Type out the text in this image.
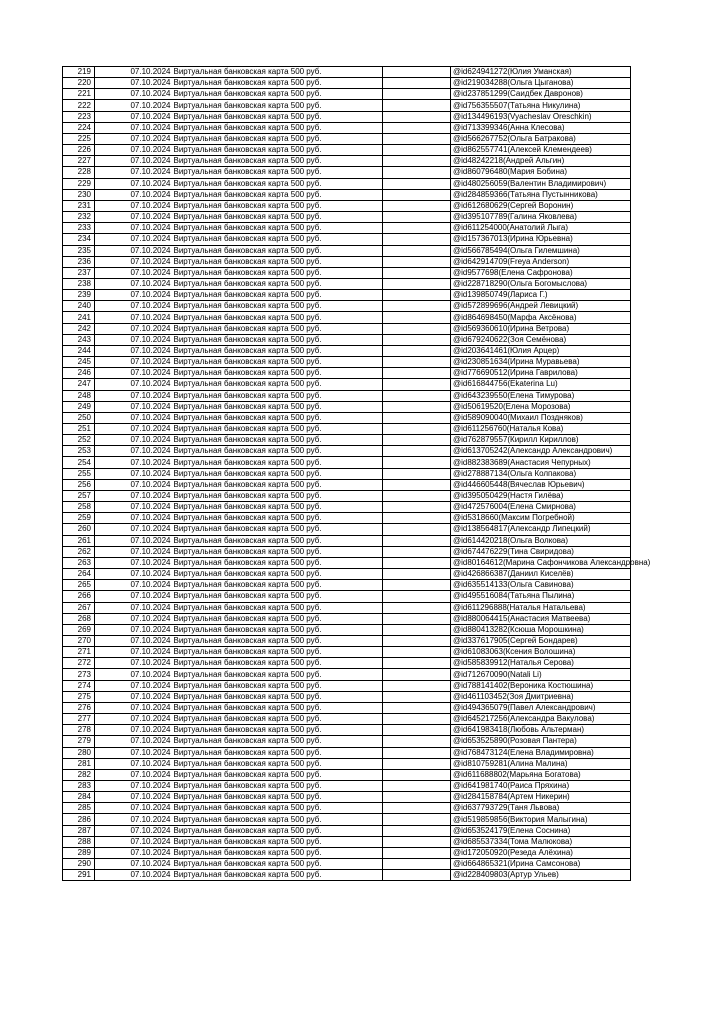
219	07.10.2024	Виртуальная банковская карта 500 руб.		@id624941272(Юлия Уманская)
220	07.10.2024	Виртуальная банковская карта 500 руб.		@id219034288(Ольга Цыганова)
221	07.10.2024	Виртуальная банковская карта 500 руб.		@id237851299(Саидбек Давронов)
222	07.10.2024	Виртуальная банковская карта 500 руб.		@id756355507(Татьяна Никулина)
223	07.10.2024	Виртуальная банковская карта 500 руб.		@id134496193(Vyacheslav Oreschkin)
224	07.10.2024	Виртуальная банковская карта 500 руб.		@id713399346(Анна Клесова)
225	07.10.2024	Виртуальная банковская карта 500 руб.		@id566267752(Ольга Батракова)
226	07.10.2024	Виртуальная банковская карта 500 руб.		@id862557741(Алексей Клемендеев)
227	07.10.2024	Виртуальная банковская карта 500 руб.		@id48242218(Андрей Альгин)
228	07.10.2024	Виртуальная банковская карта 500 руб.		@id860796480(Мария Бобина)
229	07.10.2024	Виртуальная банковская карта 500 руб.		@id480256059(Валентин Владимирович)
230	07.10.2024	Виртуальная банковская карта 500 руб.		@id284859366(Татьяна Пустынникова)
231	07.10.2024	Виртуальная банковская карта 500 руб.		@id612680629(Сергей Воронин)
232	07.10.2024	Виртуальная банковская карта 500 руб.		@id395107789(Галина Яковлева)
233	07.10.2024	Виртуальная банковская карта 500 руб.		@id611254000(Анатолий Лыга)
234	07.10.2024	Виртуальная банковская карта 500 руб.		@id157367013(Ирина Юрьевна)
235	07.10.2024	Виртуальная банковская карта 500 руб.		@id566785494(Ольга Гилемшина)
236	07.10.2024	Виртуальная банковская карта 500 руб.		@id642914709(Freya Anderson)
237	07.10.2024	Виртуальная банковская карта 500 руб.		@id9577698(Елена Сафронова)
238	07.10.2024	Виртуальная банковская карта 500 руб.		@id228718290(Ольга Богомыслова)
239	07.10.2024	Виртуальная банковская карта 500 руб.		@id139850749(Лариса Г.)
240	07.10.2024	Виртуальная банковская карта 500 руб.		@id572899696(Андрей Левицкий)
241	07.10.2024	Виртуальная банковская карта 500 руб.		@id864698450(Марфа Аксёнова)
242	07.10.2024	Виртуальная банковская карта 500 руб.		@id569360610(Ирина Ветрова)
243	07.10.2024	Виртуальная банковская карта 500 руб.		@id679240622(Зоя Семёнова)
244	07.10.2024	Виртуальная банковская карта 500 руб.		@id203641461(Юлия Арцер)
245	07.10.2024	Виртуальная банковская карта 500 руб.		@id230851634(Ирина Муравьева)
246	07.10.2024	Виртуальная банковская карта 500 руб.		@id776690512(Ирина Гаврилова)
247	07.10.2024	Виртуальная банковская карта 500 руб.		@id616844756(Ekaterina Lu)
248	07.10.2024	Виртуальная банковская карта 500 руб.		@id643239550(Елена Тимурова)
249	07.10.2024	Виртуальная банковская карта 500 руб.		@id50619520(Елена Морозова)
250	07.10.2024	Виртуальная банковская карта 500 руб.		@id589090040(Михаил Поздняков)
251	07.10.2024	Виртуальная банковская карта 500 руб.		@id611256760(Наталья Кова)
252	07.10.2024	Виртуальная банковская карта 500 руб.		@id762879557(Кирилл Кириллов)
253	07.10.2024	Виртуальная банковская карта 500 руб.		@id613705242(Александр Александрович)
254	07.10.2024	Виртуальная банковская карта 500 руб.		@id882383689(Анастасия Чепурных)
255	07.10.2024	Виртуальная банковская карта 500 руб.		@id278887134(Ольга Колпакова)
256	07.10.2024	Виртуальная банковская карта 500 руб.		@id446605448(Вячеслав Юрьевич)
257	07.10.2024	Виртуальная банковская карта 500 руб.		@id395050429(Настя Гилёва)
258	07.10.2024	Виртуальная банковская карта 500 руб.		@id472576004(Елена Смирнова)
259	07.10.2024	Виртуальная банковская карта 500 руб.		@id5318660(Максим Погребной)
260	07.10.2024	Виртуальная банковская карта 500 руб.		@id138564817(Александр Липецкий)
261	07.10.2024	Виртуальная банковская карта 500 руб.		@id614420218(Ольга Волкова)
262	07.10.2024	Виртуальная банковская карта 500 руб.		@id674476229(Тина Свиридова)
263	07.10.2024	Виртуальная банковская карта 500 руб.		@id80164612(Марина Сафончикова Александровна)
264	07.10.2024	Виртуальная банковская карта 500 руб.		@id426866387(Даниил Киселёв)
265	07.10.2024	Виртуальная банковская карта 500 руб.		@id635514133(Ольга Савинова)
266	07.10.2024	Виртуальная банковская карта 500 руб.		@id495516084(Татьяна Пылина)
267	07.10.2024	Виртуальная банковская карта 500 руб.		@id611296888(Наталья Натальева)
268	07.10.2024	Виртуальная банковская карта 500 руб.		@id880064415(Анастасия Матвеева)
269	07.10.2024	Виртуальная банковская карта 500 руб.		@id880413282(Ксюша Морошкина)
270	07.10.2024	Виртуальная банковская карта 500 руб.		@id337617905(Сергей Бондарев)
271	07.10.2024	Виртуальная банковская карта 500 руб.		@id61083063(Ксения Волошина)
272	07.10.2024	Виртуальная банковская карта 500 руб.		@id585839912(Наталья Серова)
273	07.10.2024	Виртуальная банковская карта 500 руб.		@id712670090(Natali Li)
274	07.10.2024	Виртуальная банковская карта 500 руб.		@id788141402(Вероника Костюшина)
275	07.10.2024	Виртуальная банковская карта 500 руб.		@id461103452(Зоя Дмитриевна)
276	07.10.2024	Виртуальная банковская карта 500 руб.		@id494365079(Павел Александрович)
277	07.10.2024	Виртуальная банковская карта 500 руб.		@id645217256(Александра Вакулова)
278	07.10.2024	Виртуальная банковская карта 500 руб.		@id641983418(Любовь Альтерман)
279	07.10.2024	Виртуальная банковская карта 500 руб.		@id653525890(Розовая Пантера)
280	07.10.2024	Виртуальная банковская карта 500 руб.		@id768473124(Елена Владимировна)
281	07.10.2024	Виртуальная банковская карта 500 руб.		@id810759281(Алина Малина)
282	07.10.2024	Виртуальная банковская карта 500 руб.		@id611688802(Марьяна Богатова)
283	07.10.2024	Виртуальная банковская карта 500 руб.		@id641981740(Раиса Пряхина)
284	07.10.2024	Виртуальная банковская карта 500 руб.		@id284158784(Артем Никерин)
285	07.10.2024	Виртуальная банковская карта 500 руб.		@id637793729(Таня Львова)
286	07.10.2024	Виртуальная банковская карта 500 руб.		@id519859856(Виктория Малыгина)
287	07.10.2024	Виртуальная банковская карта 500 руб.		@id653524179(Елена Соснина)
288	07.10.2024	Виртуальная банковская карта 500 руб.		@id685537334(Тома Малюкова)
289	07.10.2024	Виртуальная банковская карта 500 руб.		@id172050920(Резеда Алёхина)
290	07.10.2024	Виртуальная банковская карта 500 руб.		@id664865321(Ирина Самсонова)
291	07.10.2024	Виртуальная банковская карта 500 руб.		@id228409803(Артур Ульев)
